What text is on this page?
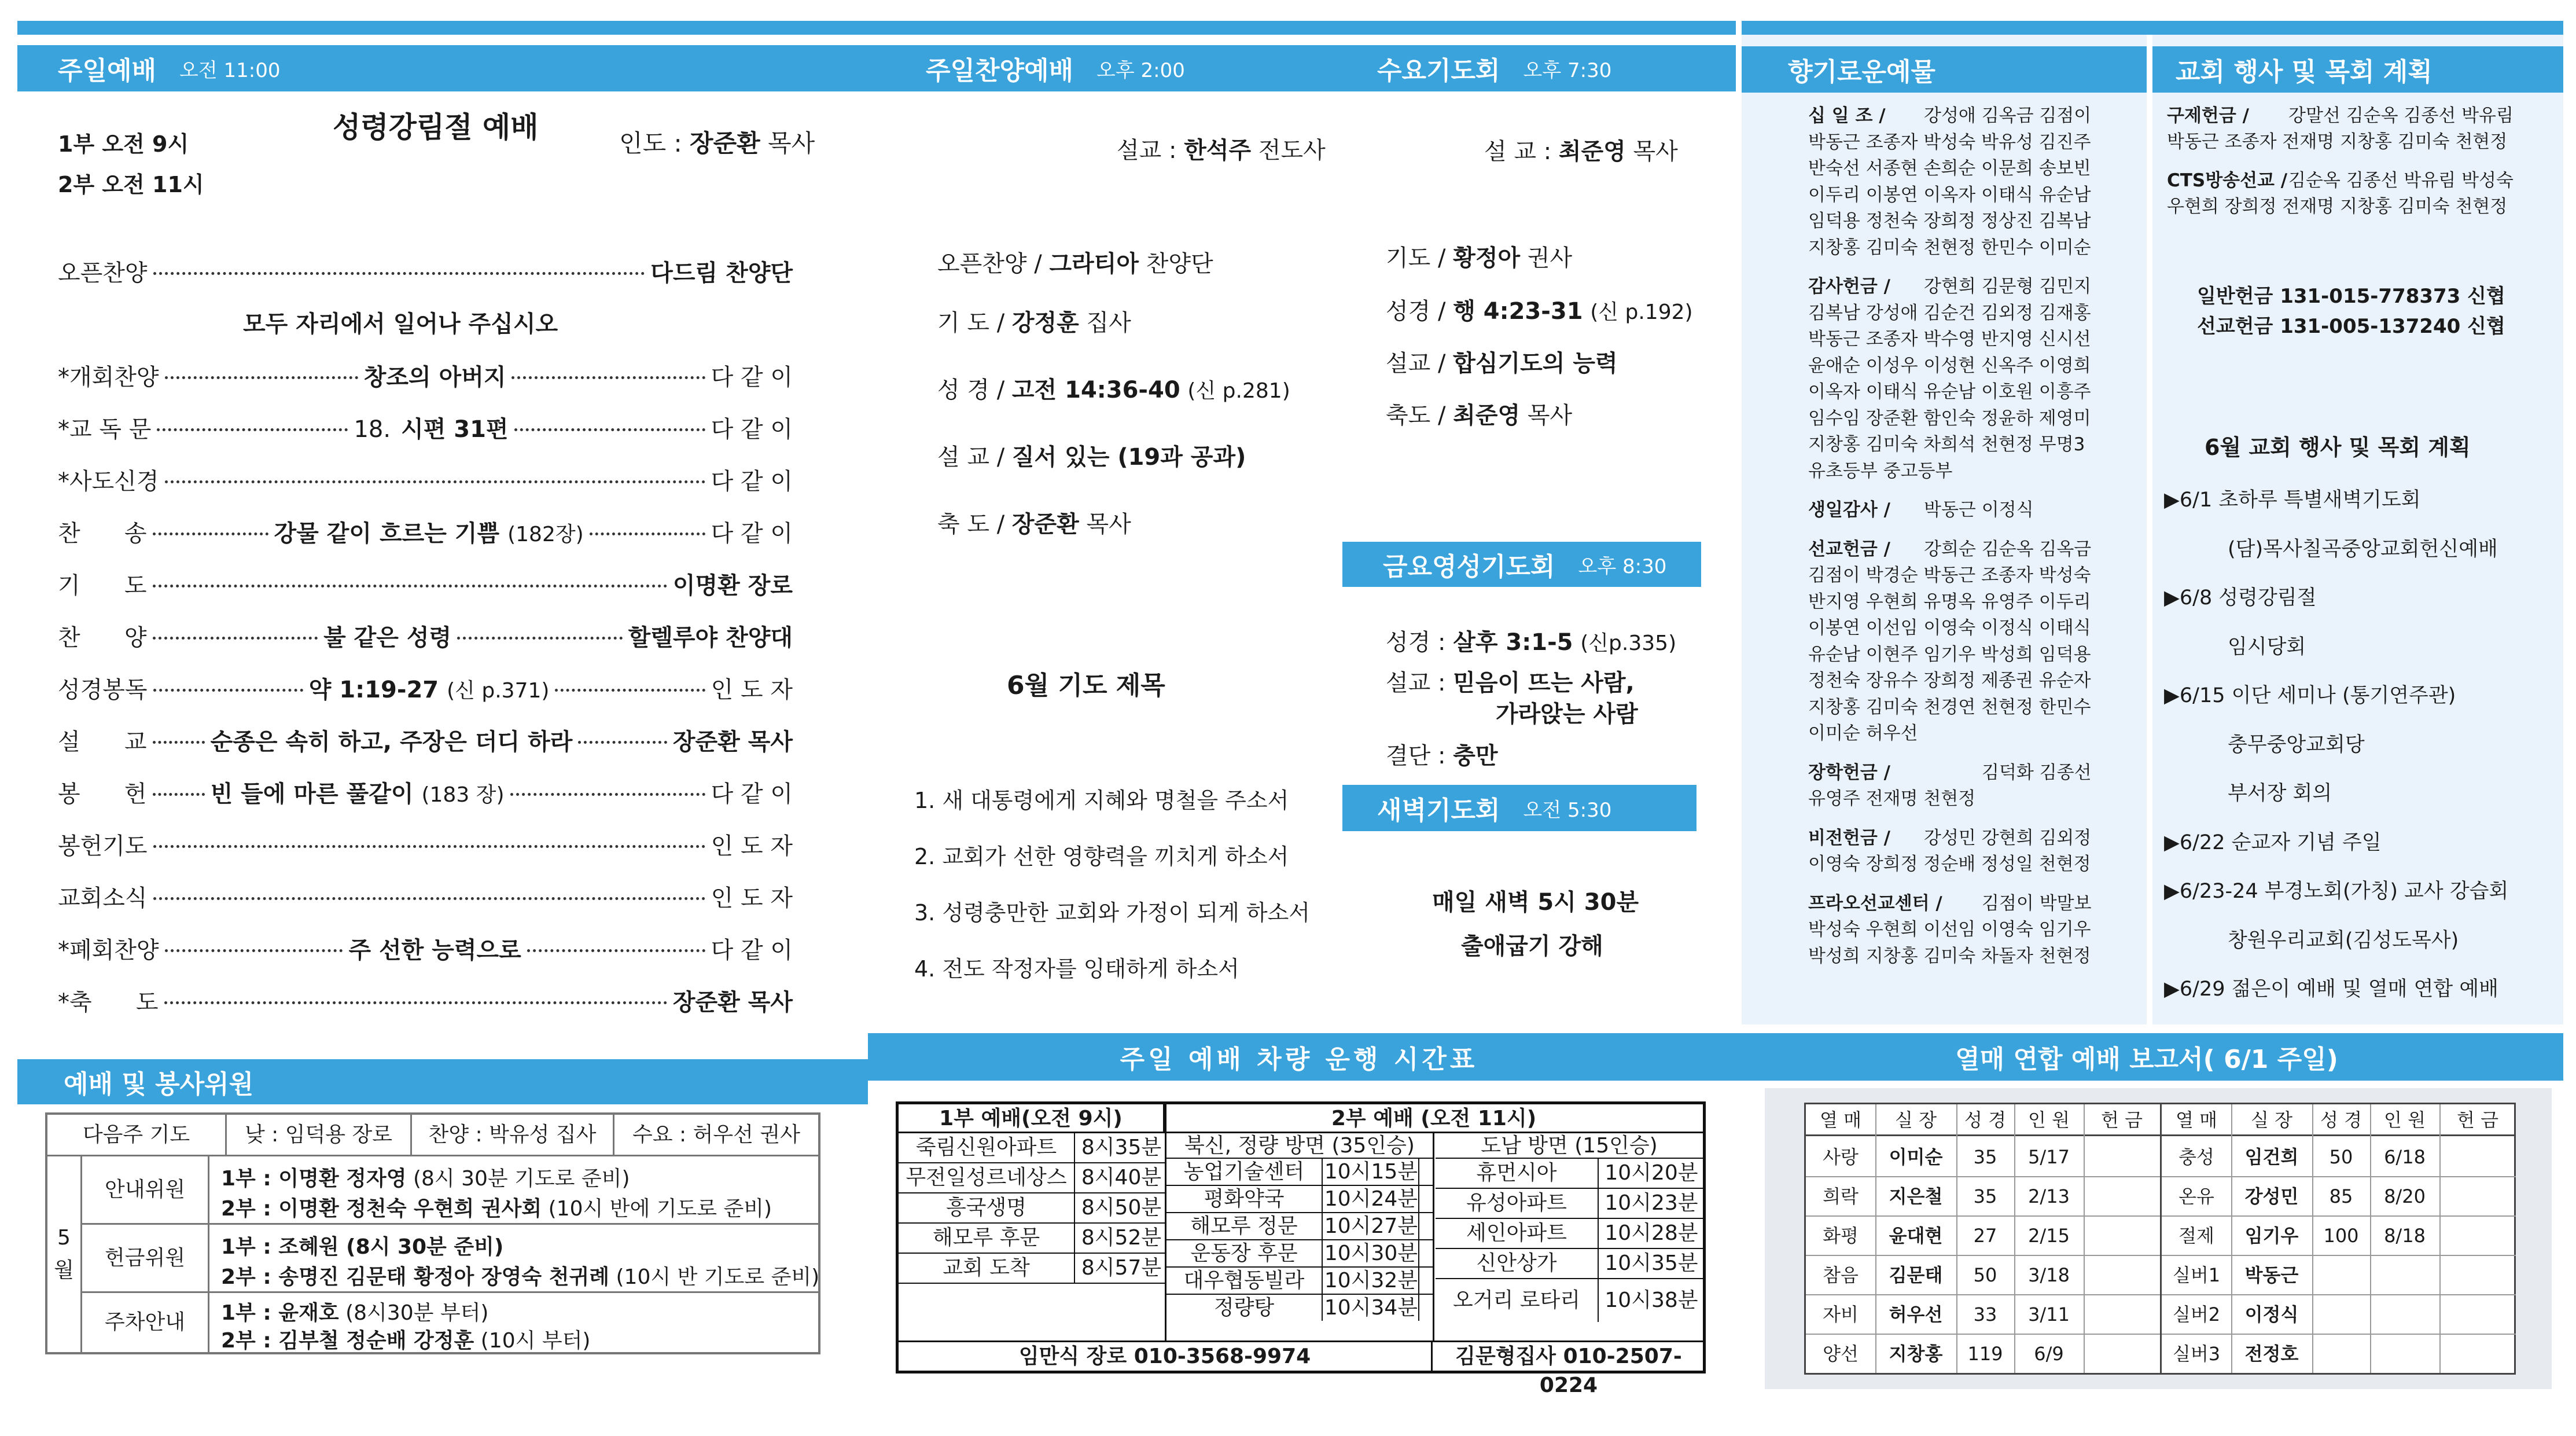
주일예배 오전 11:00
1부 오전 9시
2부 오전 11시
성령강림절 예배	인도 : 장준환 목사
오픈찬양	다드림 찬양단
모두 자리에서 일어나 주십시오
*개회찬양	창조의 아버지	다 같 이
*교 독 문	18. 시편 31편	다 같 이
*사도신경	다 같 이
찬      송	강물 같이 흐르는 기쁨 (182장)	다 같 이
기      도	이명환 장로
찬      양	불 같은 성령	할렐루야 찬양대
성경봉독	약 1:19-27 (신 p.371)	인 도 자
설      교	순종은 속히 하고, 주장은 더디 하라	장준환 목사
봉      헌	빈 들에 마른 풀같이 (183 장)	다 같 이
봉헌기도	인 도 자
교회소식	인 도 자
*폐회찬양	주 선한 능력으로	다 같 이
*축      도	장준환 목사
예배 및 봉사위원
다음주 기도	낮 : 임덕용 장로	찬양 : 박유성 집사	수요 : 허우선 권사
5
월
안내위원	1부 : 이명환 정자영 (8시 30분 기도로 준비)
2부 : 이명환 정천숙 우현희 권사회 (10시 반에 기도로 준비)
헌금위원	1부 : 조혜원 (8시 30분 준비)
2부 : 송명진 김문태 황정아 장영숙 천귀례 (10시 반 기도로 준비)
주차안내	1부 : 윤재호 (8시30분 부터)
2부 : 김부철 정순배 강정훈 (10시 부터)
주일찬양예배 오후 2:00
설교 : 한석주 전도사
오픈찬양 / 그라티아 찬양단
기 도 / 강정훈 집사
성 경 / 고전 14:36-40 (신 p.281)
설 교 / 질서 있는 (19과 공과)
축 도 / 장준환 목사
6월 기도 제목
1. 새 대통령에게 지혜와 명철을 주소서
2. 교회가 선한 영향력을 끼치게 하소서
3. 성령충만한 교회와 가정이 되게 하소서
4. 전도 작정자를 잉태하게 하소서
수요기도회 오후 7:30
설 교 : 최준영 목사
기도 / 황정아 권사
성경 / 행 4:23-31 (신 p.192)
설교 / 합심기도의 능력
축도 / 최준영 목사
금요영성기도회 오후 8:30
성경 : 살후 3:1-5 (신p.335)
설교 : 믿음이 뜨는 사람,
가라앉는 사람
결단 : 충만
새벽기도회 오전 5:30
매일 새벽 5시 30분
출애굽기 강해
향기로운예물
십 일 조 / 강성애 김옥금 김점이
박동근 조종자 박성숙 박유성 김진주
반숙선 서종현 손희순 이문희 송보빈
이두리 이봉연 이옥자 이태식 유순남
임덕용 정천숙 장희정 정상진 김복남
지창홍 김미숙 천현정 한민수 이미순
감사헌금 / 강현희 김문형 김민지
김복남 강성애 김순건 김외정 김재홍
박동근 조종자 박수영 반지영 신시선
윤애순 이성우 이성현 신옥주 이영희
이옥자 이태식 유순남 이호원 이흥주
임수임 장준환 함인숙 정윤하 제영미
지창홍 김미숙 차희석 천현정 무명3
유초등부 중고등부
생일감사 / 박동근 이정식
선교헌금 / 강희순 김순옥 김옥금
김점이 박경순 박동근 조종자 박성숙
반지영 우현희 유명옥 유영주 이두리
이봉연 이선임 이영숙 이정식 이태식
유순남 이현주 임기우 박성희 임덕용
정천숙 장유수 장희정 제종권 유순자
지창홍 김미숙 천경연 천현정 한민수
이미순 허우선
장학헌금 /	김덕화 김종선
유영주 전재명 천현정
비전헌금 / 강성민 강현희 김외정
이영숙 장희정 정순배 정성일 천현정
프라오선교센터 / 김점이 박말보
박성숙 우현희 이선임 이영숙 임기우
박성희 지창홍 김미숙 차돌자 천현정
교회 행사 및 목회 계획
구제헌금 / 강말선 김순옥 김종선 박유림
박동근 조종자 전재명 지창홍 김미숙 천현정
CTS방송선교 /김순옥 김종선 박유림 박성숙
우현희 장희정 전재명 지창홍 김미숙 천현정
일반헌금 131-015-778373 신협
선교헌금 131-005-137240 신협
6월 교회 행사 및 목회 계획
▶6/1 초하루 특별새벽기도회
(담)목사칠곡중앙교회헌신예배
▶6/8 성령강림절
임시당회
▶6/15 이단 세미나 (통기연주관)
충무중앙교회당
부서장 회의
▶6/22 순교자 기념 주일
▶6/23-24 부경노회(가칭) 교사 강습회
창원우리교회(김성도목사)
▶6/29 젊은이 예배 및 열매 연합 예배
주일 예배 차량 운행 시간표
1부 예배(오전 9시)	2부 예배 (오전 11시)
죽림신원아파트	8시35분
무전일성르네상스 8시40분
흥국생명	8시50분
해모루 후문	8시52분
교회 도착	8시57분
북신, 정량 방면 (35인승)
농업기술센터 10시15분
평화약국	10시24분
해모루 정문	10시27분
운동장 후문	10시30분
대우협동빌라 10시32분
정량탕	10시34분
도남 방면 (15인승)
휴먼시아	10시20분
유성아파트	10시23분
세인아파트	10시28분
신안상가	10시35분
오거리 로타리	10시38분
임만식 장로 010-3568-9974	김문형집사 010-2507-0224
열매 연합 예배 보고서( 6/1 주일)
열 매	실 장	성 경	인 원	헌 금	열 매	실 장	성 경	인 원	헌 금
사랑	이미순	35	5/17
희락	지은철	35	2/13
화평	윤대현	27	2/15
참음	김문태	50	3/18
자비	허우선	33	3/11
양선	지창홍	119	6/9
충성	임건희	50	6/18
온유	강성민	85	8/20
절제	임기우	100	8/18
실버1	박동근
실버2	이정식
실버3	전정호
